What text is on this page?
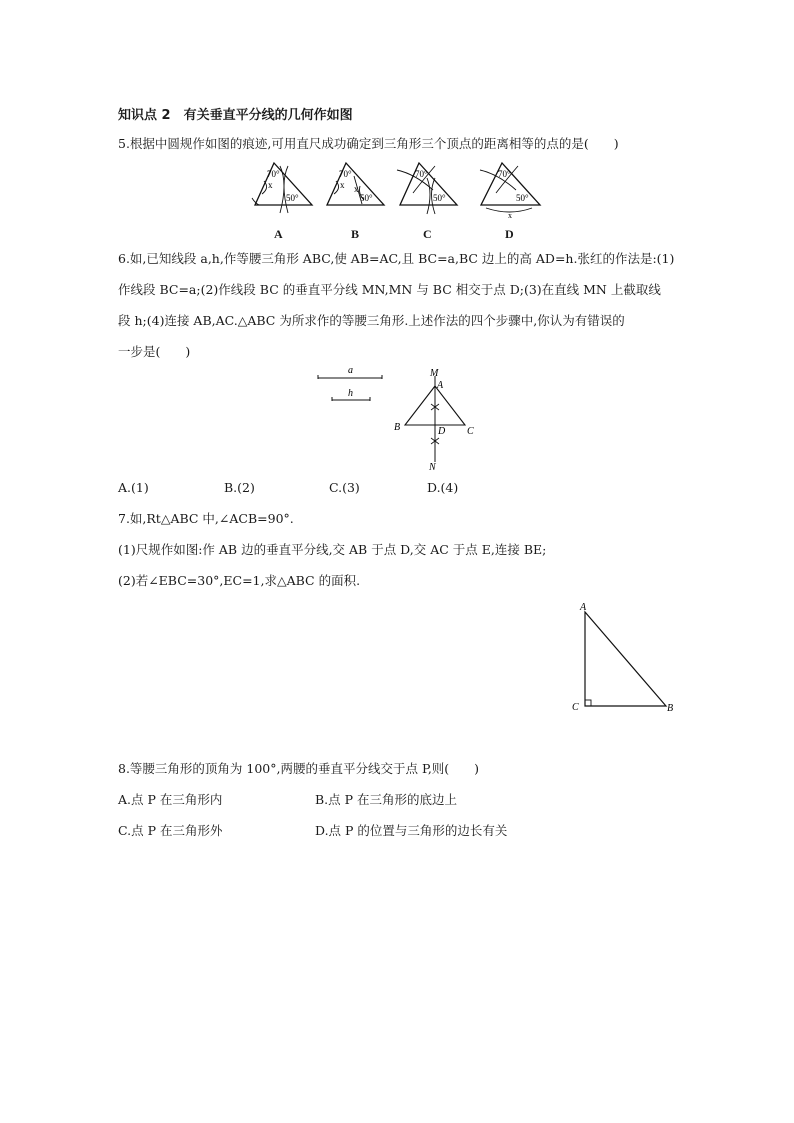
知识点 2　有关垂直平分线的几何作如图
5.根据中圆规作如图的痕迹,可用直尺成功确定到三角形三个顶点的距离相等的点的是(　　)
x
70°
50°
A
x x
70°
50°
B
70°
50°
C
x
70°
50°
D
6.如,已知线段 a,h,作等腰三角形 ABC,使 AB=AC,且 BC=a,BC 边上的高 AD=h.张红的作法是:(1)
作线段 BC=a;(2)作线段 BC 的垂直平分线 MN,MN 与 BC 相交于点 D;(3)在直线 MN 上截取线
段 h;(4)连接 AB,AC.△ABC 为所求作的等腰三角形.上述作法的四个步骤中,你认为有错误的
一步是(　　)
a
h
M
A
B	C
D
N
A.(1)	B.(2)	C.(3)	D.(4)
7.如,Rt△ABC 中,∠ACB=90°.
(1)尺规作如图:作 AB 边的垂直平分线,交 AB 于点 D,交 AC 于点 E,连接 BE;
(2)若∠EBC=30°,EC=1,求△ABC 的面积.
A
C	B
8.等腰三角形的顶角为 100°,两腰的垂直平分线交于点 P,则(　　)
A.点 P 在三角形内	B.点 P 在三角形的底边上
C.点 P 在三角形外	D.点 P 的位置与三角形的边长有关
